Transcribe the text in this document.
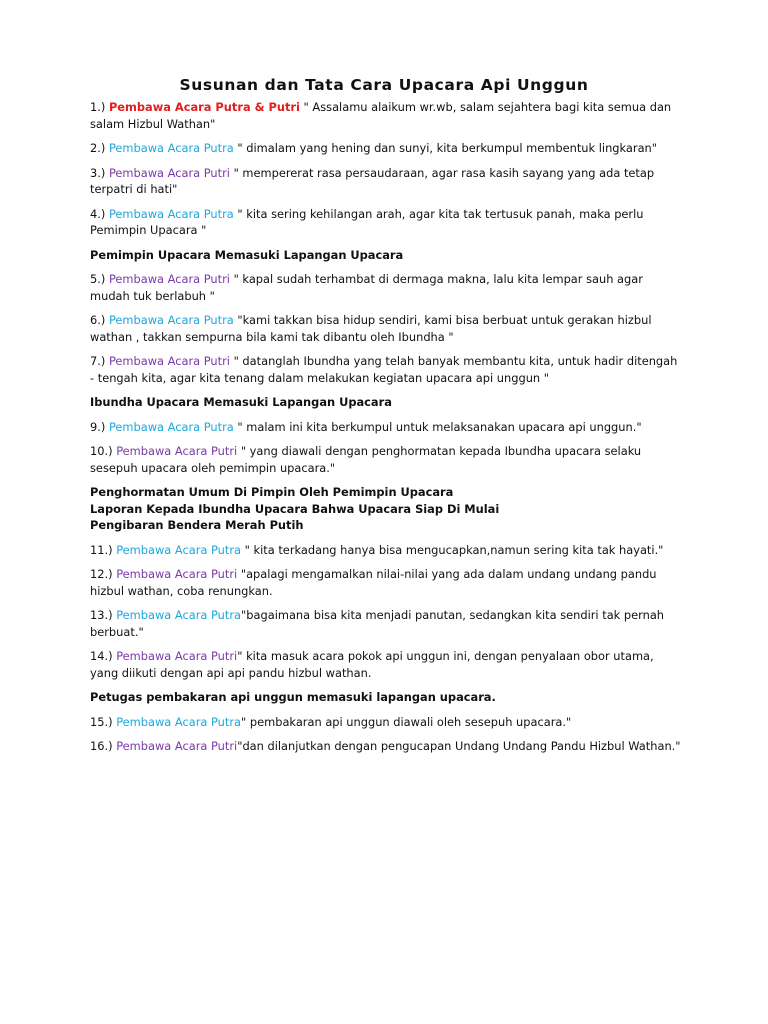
Susunan dan Tata Cara Upacara Api Unggun

1.) Pembawa Acara Putra & Putri " Assalamu alaikum wr.wb, salam sejahtera bagi kita semua dan salam Hizbul Wathan"

2.) Pembawa Acara Putra " dimalam yang hening dan sunyi, kita berkumpul membentuk lingkaran"

3.) Pembawa Acara Putri " mempererat rasa persaudaraan, agar rasa kasih sayang yang ada tetap terpatri di hati"

4.) Pembawa Acara Putra " kita sering kehilangan arah, agar kita tak tertusuk panah, maka perlu Pemimpin Upacara "

Pemimpin Upacara Memasuki Lapangan Upacara

5.) Pembawa Acara Putri " kapal sudah terhambat di dermaga makna, lalu kita lempar sauh agar mudah tuk berlabuh "

6.) Pembawa Acara Putra "kami takkan bisa hidup sendiri, kami bisa berbuat untuk gerakan hizbul wathan , takkan sempurna bila kami tak dibantu oleh Ibundha "

7.) Pembawa Acara Putri " datanglah Ibundha yang telah banyak membantu kita, untuk hadir ditengah - tengah kita, agar kita tenang dalam melakukan kegiatan upacara api unggun "

Ibundha Upacara Memasuki Lapangan Upacara

9.) Pembawa Acara Putra " malam ini kita berkumpul untuk melaksanakan upacara api unggun."

10.) Pembawa Acara Putri " yang diawali dengan penghormatan kepada Ibundha upacara selaku sesepuh upacara oleh pemimpin upacara."

Penghormatan Umum Di Pimpin Oleh Pemimpin Upacara
Laporan Kepada Ibundha Upacara Bahwa Upacara Siap Di Mulai
Pengibaran Bendera Merah Putih

11.) Pembawa Acara Putra " kita terkadang hanya bisa mengucapkan,namun sering kita tak hayati."

12.) Pembawa Acara Putri "apalagi mengamalkan nilai-nilai yang ada dalam undang undang pandu hizbul wathan, coba renungkan.

13.) Pembawa Acara Putra"bagaimana bisa kita menjadi panutan, sedangkan kita sendiri tak pernah berbuat."

14.) Pembawa Acara Putri" kita masuk acara pokok api unggun ini, dengan penyalaan obor utama, yang diikuti dengan api api pandu hizbul wathan.

Petugas pembakaran api unggun memasuki lapangan upacara.

15.) Pembawa Acara Putra" pembakaran api unggun diawali oleh sesepuh upacara."

16.) Pembawa Acara Putri"dan dilanjutkan dengan pengucapan Undang Undang Pandu Hizbul Wathan."
